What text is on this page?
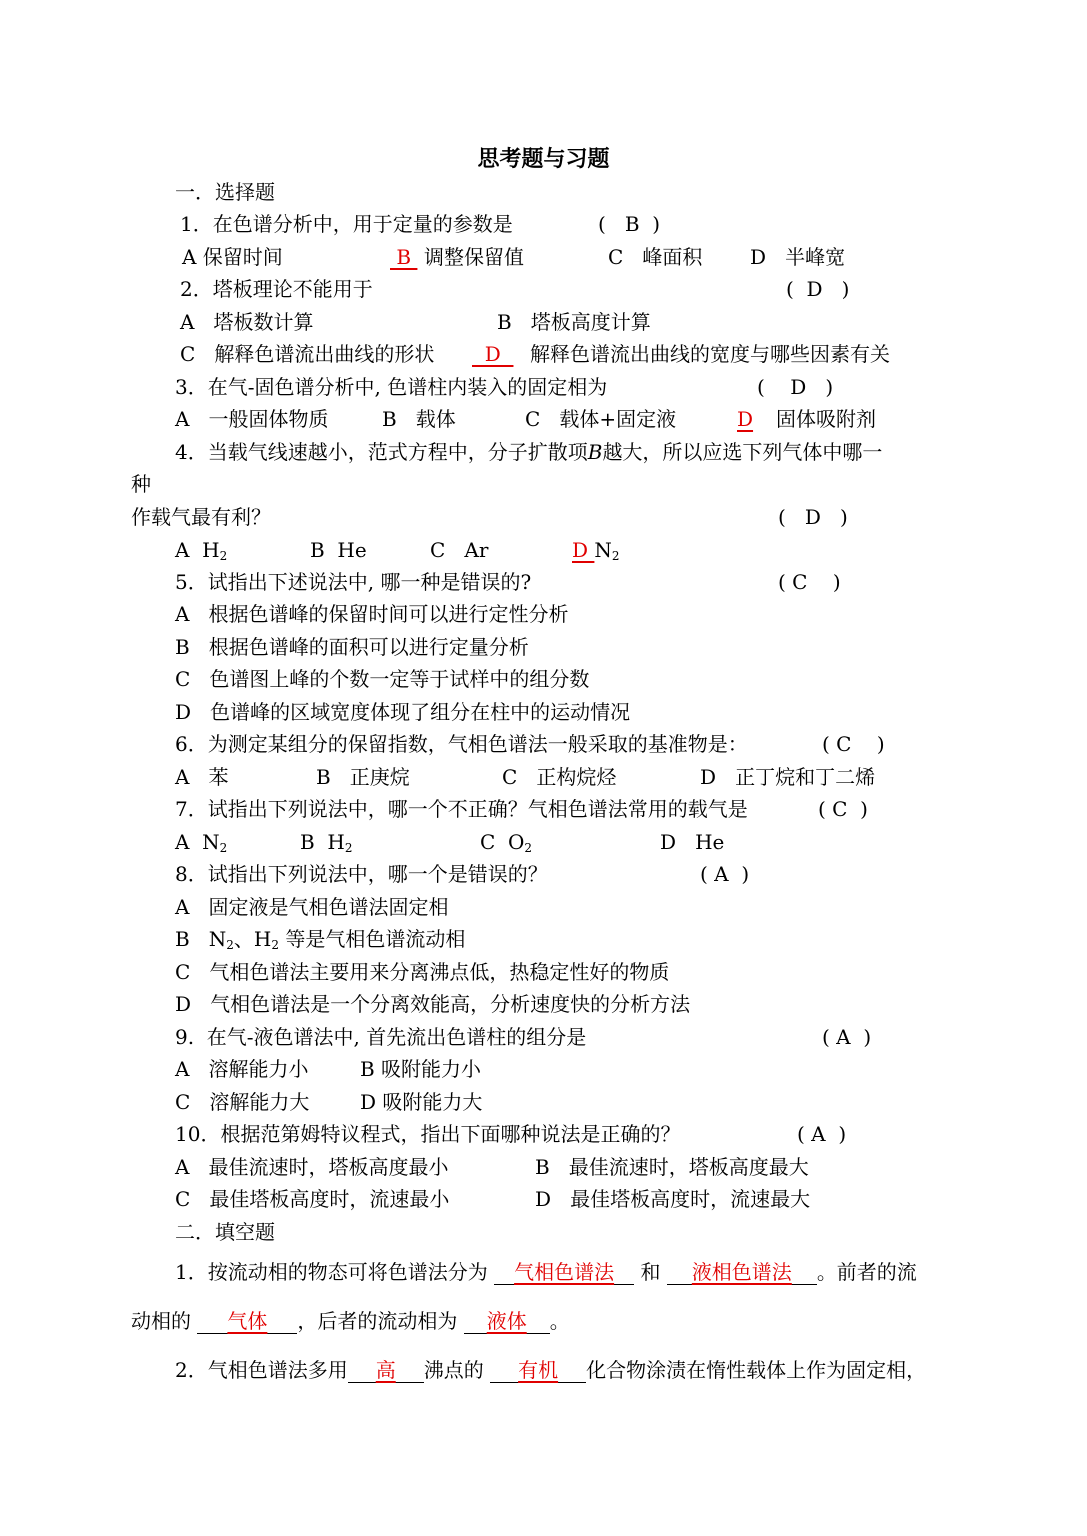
思考题与习题
一．选择题
1．在色谱分析中，用于定量的参数是	(   B  )
A 保留时间	B 调整保留值	C   峰面积 D   半峰宽
2．塔板理论不能用于	(  D   )
A   塔板数计算	B   塔板高度计算
C   解释色谱流出曲线的形状 D 解释色谱流出曲线的宽度与哪些因素有关
3．在气-固色谱分析中, 色谱柱内装入的固定相为	(    D   )
A   一般固体物质	B   载体	C   载体+固定液	D 固体吸附剂
4．当载气线速越小，范式方程中，分子扩散项B越大，所以应选下列气体中哪一
种
作载气最有利？	(   D   )
A  $H_2$	B  He	C   Ar	D $N_2$
5．试指出下述说法中, 哪一种是错误的?	( C    )
A   根据色谱峰的保留时间可以进行定性分析
B   根据色谱峰的面积可以进行定量分析
C   色谱图上峰的个数一定等于试样中的组分数
D   色谱峰的区域宽度体现了组分在柱中的运动情况
6．为测定某组分的保留指数，气相色谱法一般采取的基准物是：	( C    )
A   苯	B   正庚烷	C   正构烷烃	D   正丁烷和丁二烯
7．试指出下列说法中，哪一个不正确？气相色谱法常用的载气是	( C  )
A  $N_2$	B  $H_2$	C  $O_2$	D   He
8．试指出下列说法中，哪一个是错误的？	( A  )
A   固定液是气相色谱法固定相
B   $N_2$、$H_2$ 等是气相色谱流动相
C   气相色谱法主要用来分离沸点低，热稳定性好的物质
D   气相色谱法是一个分离效能高，分析速度快的分析方法
9.  在气-液色谱法中, 首先流出色谱柱的组分是	( A  )
A   溶解能力小	B 吸附能力小
C   溶解能力大	D 吸附能力大
10．根据范第姆特议程式，指出下面哪种说法是正确的？	( A  )
A   最佳流速时，塔板高度最小	B   最佳流速时，塔板高度最大
C   最佳塔板高度时，流速最小	D   最佳塔板高度时，流速最大
二．填空题
1．按流动相的物态可将色谱法分为 气相色谱法 和 液相色谱法 。前者的流
动相的 气体 ，后者的流动相为 液体 。
2．气相色谱法多用 高 沸点的 有机 化合物涂渍在惰性载体上作为固定相，
